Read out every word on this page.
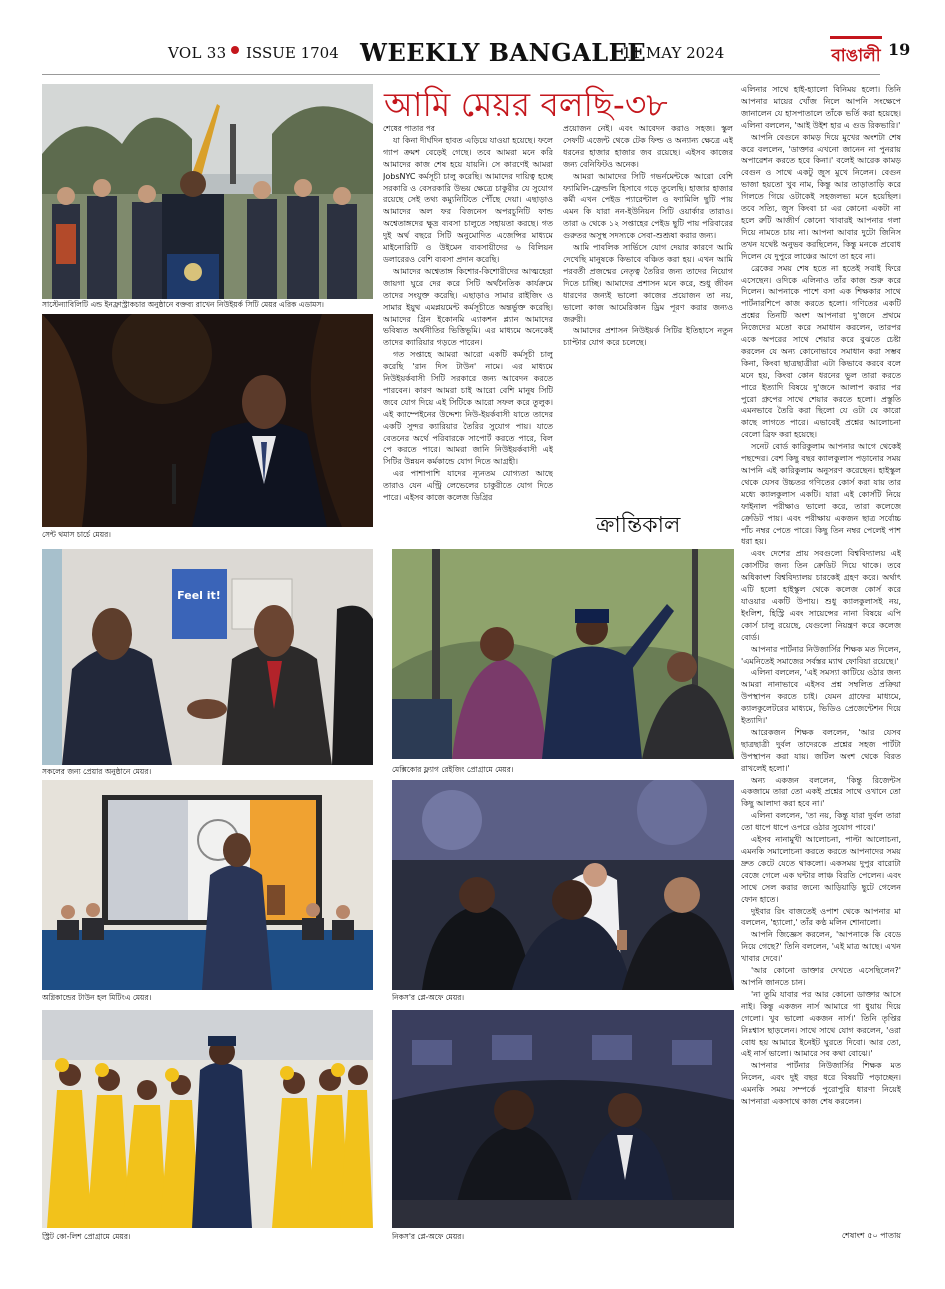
VOL 33 ISSUE 1704 WEEKLY BANGALEE
11 MAY 2024	বাঙালী 19
সাস্টেন্যাবিলিটি এন্ড ইনফ্রাস্ট্রাকচার অনুষ্ঠানে বক্তব্য রাখেন নিউইয়র্ক সিটি মেয়র এরিক এডামস।
সেন্ট থমাস চার্চে মেয়র।
আমি মেয়র বলছি-৩৮

শেষের পাতার পর

যা কিনা দীর্ঘদিন হাবত এড়িয়ে যাওয়া হয়েছে। ফলে গ্যাপ ক্রমশ বেড়েই গেছে। তবে আমরা মনে করি আমাদের কাজ শেষ হয়ে যায়নি। সে কারণেই আমরা JobsNYC কর্মসূচী চালু করেছি। আমাদের দায়িত্ব হচ্ছে সরকারি ও বেসরকারি উভয় ক্ষেত্রে চাকুরীর যে সুযোগ রয়েছে সেই তথ্য কম্যুনিটিতে পৌঁছে দেয়া। এছাড়াও আমাদের অল ফর বিজনেস অপরচুনিটি ফান্ড অশ্বেতাঙ্গদের ক্ষুদ্র ব্যবসা চালুতে সহায়তা করছে। গত দুই অর্থ বছরে সিটি অনুমোদিত এজেন্সির মাধ্যমে মাইনোরিটি ও উইমেন ব্যবসায়ীদের ৬ বিলিয়ন ডলারেরও বেশি ব্যবসা প্রদান করেছি।

আমাদের অশ্বেতাঙ্গ কিশোর-কিশোরীদের আত্মহেরা জায়গা ঘুরে দের করে সিটি অর্থনৈতিক কার্যক্রমে তাদের সংযুক্ত করেছি। এছাড়াও সামার রাইজিং ও সামার ইয়ুথ এমপ্লয়মেন্ট কর্মসূচীতে অন্তর্ভুক্ত করেছি। আমাদের গ্রিন ইকোনমি এ্যাকশন প্ল্যান আমাদের ভবিষ্যত অর্থনীতির ভিত্তিভূমি। এর মাধ্যমে অনেকেই তাদের ক্যারিয়ার গড়তে পারেন।

গত সপ্তাহে আমরা আরো একটি কর্মসূচী চালু করেছি 'রান দিস টাউন' নামে। এর মাধ্যমে নিউইয়র্কবাসী সিটি সরকারে জন্য আবেদন করতে পারবেন। কারণ আমরা চাই আরো বেশি মানুষ সিটি জবে যোগ দিয়ে এই সিটিকে আরো সফল করে তুলুক। এই ক্যাম্পেইনের উদ্দেশ্য নিউ-ইয়র্কবাসী যাতে তাদের একটি সুন্দর ক্যারিয়ার তৈরির সুযোগ পায়। যাতে বেতনের অর্থে পরিবারকে সাপোর্ট করতে পারে, বিল পে করতে পারে। আমরা জানি নিউইয়র্কবাসী এই সিটির উন্নয়ন কর্মকান্ডে যোগ দিতে আগ্রহী।

এর পাশাপাশি যাদের ন্যূনতম যোগ্যতা আছে তারাও যেন এন্ট্রি লেভেলের চাকুরীতে যোগ দিতে পারে। এইসব কাজে কলেজ ডিগ্রির

প্রয়োজন নেই। এবং আবেদন করাও সহজ। স্কুল সেফটি এজেন্ট থেকে টেক ফিল্ড ও অন্যান্য ক্ষেত্রে এই ধরনের হাজার হাজার জব রয়েছে। এইসব কাজের জন্য বেনিফিটও অনেক।

আমরা আমাদের সিটি গভর্নমেন্টকে আরো বেশি ফ্যামিলি-ফ্রেন্ডলি হিসাবে গড়ে তুলেছি। হাজার হাজার কর্মী এখন পেইড প্যারেন্টাল ও ফ্যামিলি ছুটি পায় এমন কি যারা নন-ইউনিয়ন সিটি ওয়ার্কার তারাও। তারা ৬ থেকে ১২ সপ্তাহের পেইড ছুটি পায় পরিবারের গুরুতর অসুস্থ সদস্যকে সেবা-শুশ্রূষা করার জন্য।

আমি পাবলিক সার্ভিসে যোগ দেয়ার কারণে আমি দেখেছি মানুষকে কিভাবে বঞ্চিত করা হয়। এখন আমি পরবর্তী প্রজন্মের নেতৃত্ব তৈরির জন্য তাদের নিয়োগ দিতে চাচ্ছি। আমাদের প্রশাসন মনে করে, শুধু জীবন ধারণের জন্যই ভালো কাজের প্রয়োজন তা নয়, ভালো কাজ আমেরিকান ড্রিম পূরণ করার জন্যও জরুরী।

আমাদের প্রশাসন নিউইয়র্ক সিটির ইতিহাসে নতুন চ্যাপ্টার যোগ করে চলেছে।

ক্রান্তিকাল

Feel it!
সকলের জন্য প্রেয়ার অনুষ্ঠানে মেয়র।	মেক্সিকোর ফ্ল্যাগ রেইজিং প্রোগ্রামে মেয়র।
অগ্নিকান্ডের টাউন হল মিটিংএ মেয়র।	নিকস'র প্লে-অফে মেয়র।
স্ট্রিট কো-লিশ প্রোগ্রামে মেয়র।	নিকস'র প্লে-অফে মেয়র।

এলিনার সাথে হাই-হ্যালো বিনিময় হলো। তিনি আপনার মায়ের খোঁজ নিলে আপনি সংক্ষেপে জানালেন যে হাসপাতালে তাঁকে ভর্তি করা হয়েছে। এলিনা বললেন, 'আই উইশ হার এ গুড রিকভারি।'

আপনি বেগুনে কামড় দিয়ে মুখের অংশটা শেষ করে বললেন, 'ডাক্তার এখনো জানেন না পুনরায় অপারেশন করতে হবে কিনা।' বলেই আরেক কামড় বেগুন ও সাথে একটু জুস মুখে নিলেন। বেগুন ভাজা হয়তো খুব নাম, কিন্তু আর তাড়াতাড়ি করে গিলতে গিয়ে ওটাকেই সহজলভ্য মনে হয়েছিল। তবে সত্যি, জুস কিংবা চা এর কোনো একটা না হলে রুটি আজীর্ণ কোনো খাবারই আপনার গলা দিয়ে নামতে চায় না। আপনা আবার দুটো জিনিস তখন যথেষ্ট অনুভব করছিলেন, কিন্তু মনকে প্রবোধ দিলেন যে দুপুরে লাঞ্চের আগে তা হবে না।

ব্রেকের সময় শেষ হতে না হতেই সবাই ফিরে এসেছেন। ওদিকে এলিনাও তাঁর কাজ শুরু করে দিলেন। আপনাকে পাশে বসা এক শিক্ষকার সাথে পার্টনারশিপে কাজ করতে হলো। গণিতের একটি প্রশ্নের তিনটি অংশ আপনারা দু'জনে প্রথমে নিজেদের মতো করে সমাধান করলেন, তারপর একে অপরের সাথে শেয়ার করে বুঝতে চেষ্টা করলেন যে অন্য কোনোভাবে সমাধান করা সম্ভব কিনা, কিংবা ছাত্রছাত্রীরা এটা কিভাবে করবে বলে মনে হয়, কিংবা কোন ধরনের ভুল তারা করতে পারে ইত্যাদি বিষয়ে দু'জনে আলাপ করার পর পুরো গ্রুপের সাথে শেয়ার করতে হলো। প্রস্তুতি এমনভাবে তৈরি করা ছিলো যে ওটা যে কারো কাছে লাগতে পারে। এভাবেই প্রশ্নের আলোচনা বেলো ব্রিফ করা হয়েছে।

সনেট বোর্ড কারিকুলাম আপনার আগে থেকেই পছন্দের। বেশ কিছু বছর ক্যালকুলাস পড়ানোর সময় আপনি এই কারিকুলাম অনুসরণ করেছেন। হাইস্কুল থেকে যেসব উচ্চতর গণিতের কোর্স করা যায় তার মধ্যে ক্যালকুলাস একটি। যারা এই কোর্সটি নিয়ে ফাইনাল পরীক্ষাও ভালো করে, তারা কলেজে ক্রেডিট পায়। এবং পরীক্ষায় একজন ছাত্র সর্বোচ্চ পাঁচ নম্বর পেতে পারে। কিছু তিন নম্বর পেলেই পাশ ধরা হয়।

এবং দেশের প্রায় সবগুলো বিশ্ববিদ্যালয় এই কোর্সটির জন্য তিন ক্রেডিট দিয়ে থাকে। তবে অধিকাংশ বিশ্ববিদ্যালয় চারকেই গ্রহণ করে। অর্থাৎ এটি হলো হাইস্কুল থেকে কলেজ কোর্স করে যাওয়ার একটি উপায়। শুধু ক্যালকুলাসই নয়, ইংলিশ, হিস্ট্রি এবং সায়েন্সের নানা বিষয়ে এপি কোর্স চালু রয়েছে, যেগুলো নিয়ন্ত্রণ করে কলেজ বোর্ড।

আপনার পার্টনার নিউজার্সির শিক্ষক মত দিলেন, 'এমনিতেই সমাজের সর্বস্তর ম্যাথ ফোবিয়া রয়েছে।'

এলিনা বললেন, 'এই সমস্যা কাটিয়ে ওঠার জন্য আমরা নানাভাবে এইসব প্রশ্ন সম্বলিত প্রক্রিয়া উপস্থাপন করতে চাই। যেমন গ্রাফের মাধ্যমে, ক্যালকুলেটরের মাধ্যমে, ভিডিও প্রেজেন্টেশন দিয়ে ইত্যাদি।'

আরেকজন শিক্ষক বললেন, 'আর যেসব ছাত্রছাত্রী দুর্বল তাদেরকে প্রশ্নের সহজ পার্টটা উপস্থাপন করা যায়। জটিল অংশ থেকে বিরত রাখলেই হলো।'

অন্য একজন বললেন, 'কিন্তু রিজেন্টস একজামে তারা তো একই প্রশ্নের সাথে ওখানে তো কিছু আলাদা করা হবে না।'

এলিনা বললেন, 'তা নয়, কিন্তু যারা দুর্বল তারা তো ধাপে ধাপে ওপরে ওঠার সুযোগ পাবে।'

এইসব নানামুখী আলোচনা, পাল্টা আলোচনা, এমনকি সমালোচনা করতে করতে আপনাদের সময় দ্রুত কেটে যেতে থাকলো। একসময় দুপুর বারোটা বেজে গেলে এক ঘন্টার লাঞ্চ বিরতি পেলেন। এবং সাথে সেল করার জন্যে আড়িয়াড়ি ছুটে গেলেন ফোন হাতে।

দুইবার রিং বাজতেই ওপাশ থেকে আপনার মা বললেন, 'হ্যালো,' তাঁর কণ্ঠ মলিন শোনালো।

আপনি জিজ্ঞেস করলেন, 'আপনাকে কি বেডে নিয়ে গেছে?' তিনি বললেন, 'এই মাত্র আছে। এখন খাবার দেবে।'

'আর কোনো ডাক্তার দেখতে এসেছিলেন?' আপনি জানতে চান।

'না তুমি যাবার পর আর কোনো ডাক্তার আসে নাই। কিন্তু একজন নার্স আমারে গা ধুয়ায় দিয়ে গেলো। খুব ভালো একজন নার্স।' তিনি তৃপ্তির নিঃশ্বাস ছাড়লেন। সাথে সাথে যোগ করলেন, 'ওরা বোধ হয় আমারে ইনেইট ঘুরতে দিবো। আর তো, এই নার্স ভালো। আমারে সব কথা বোঝে।'

আপনার পার্টনার নিউজার্সির শিক্ষক মত নিলেন, এবং দুই বছর ধরে বিষয়টি পড়াচ্ছেন। এমনকি সময় সম্পর্কে পুরোপুরি ধারণা নিয়েই আপনারা একসাথে কাজ শেষ করলেন।

শেষাংশ ৫০ পাতায়
